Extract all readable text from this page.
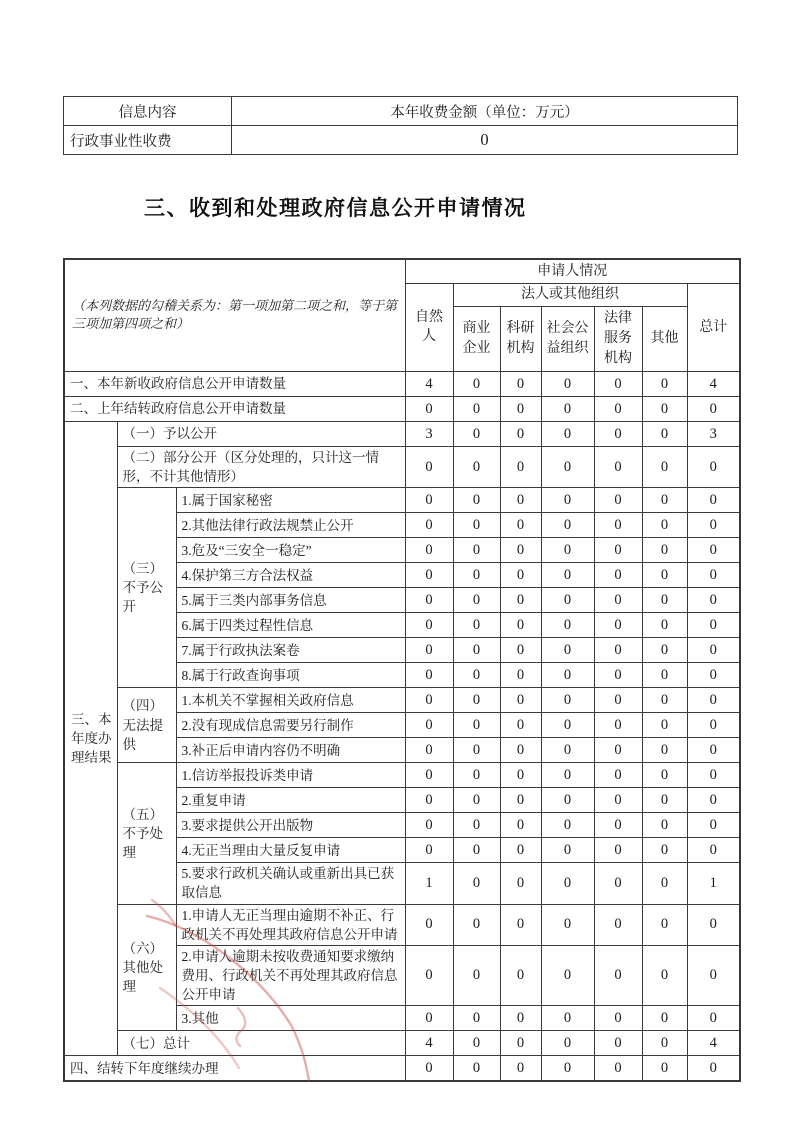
信息内容	本年收费金额（单位：万元）
行政事业性收费	0
三、收到和处理政府信息公开申请情况
（本列数据的勾稽关系为：第一项加第二项之和，等于第三项加第四项之和）			申请人情况						
			自然人	法人或其他组织					总计
				商业企业	科研机构	社会公益组织	法律服务机构	其他	
一、本年新收政府信息公开申请数量			4	0	0	0	0	0	4
二、上年结转政府信息公开申请数量			0	0	0	0	0	0	0
三、本年度办理结果	（一）予以公开		3	0	0	0	0	0	3
	（二）部分公开（区分处理的，只计这一情形，不计其他情形）		0	0	0	0	0	0	0
	（三）不予公开	1.属于国家秘密	0	0	0	0	0	0	0
		2.其他法律行政法规禁止公开	0	0	0	0	0	0	0
		3.危及“三安全一稳定”	0	0	0	0	0	0	0
		4.保护第三方合法权益	0	0	0	0	0	0	0
		5.属于三类内部事务信息	0	0	0	0	0	0	0
		6.属于四类过程性信息	0	0	0	0	0	0	0
		7.属于行政执法案卷	0	0	0	0	0	0	0
		8.属于行政查询事项	0	0	0	0	0	0	0
	（四）无法提供	1.本机关不掌握相关政府信息	0	0	0	0	0	0	0
		2.没有现成信息需要另行制作	0	0	0	0	0	0	0
		3.补正后申请内容仍不明确	0	0	0	0	0	0	0
	（五）不予处理	1.信访举报投诉类申请	0	0	0	0	0	0	0
		2.重复申请	0	0	0	0	0	0	0
		3.要求提供公开出版物	0	0	0	0	0	0	0
		4.无正当理由大量反复申请	0	0	0	0	0	0	0
		5.要求行政机关确认或重新出具已获取信息	1	0	0	0	0	0	1
	（六）其他处理	1.申请人无正当理由逾期不补正、行政机关不再处理其政府信息公开申请	0	0	0	0	0	0	0
		2.申请人逾期未按收费通知要求缴纳费用、行政机关不再处理其政府信息公开申请	0	0	0	0	0	0	0
		3.其他	0	0	0	0	0	0	0
	（七）总计		4	0	0	0	0	0	4
四、结转下年度继续办理			0	0	0	0	0	0	0
